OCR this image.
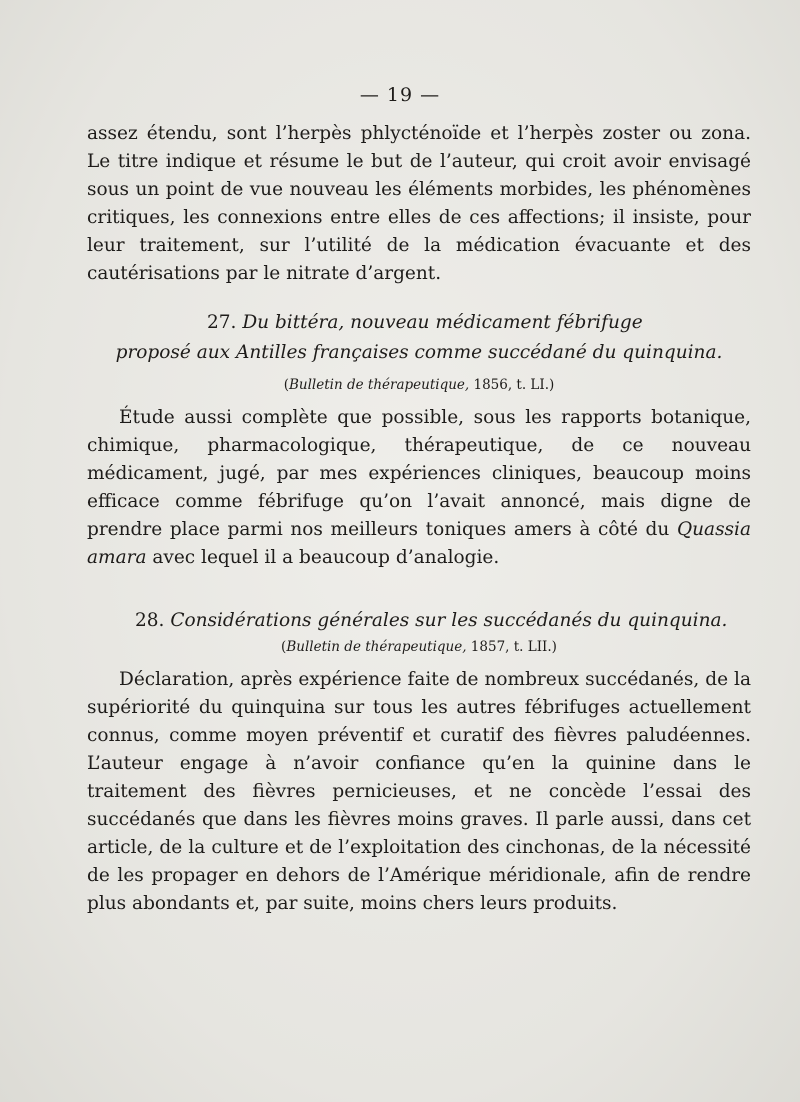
— 19 —

assez étendu, sont l’herpès phlycténoïde et l’herpès zoster ou zona. Le titre indique et résume le but de l’auteur, qui croit avoir envisagé sous un point de vue nouveau les éléments morbides, les phénomènes critiques, les connexions entre elles de ces affections; il insiste, pour leur traitement, sur l’utilité de la médication évacuante et des cautérisations par le nitrate d’argent.

27. Du bittéra, nouveau médicament fébrifuge
proposé aux Antilles françaises comme succédané du quinquina.
(Bulletin de thérapeutique, 1856, t. LI.)

Étude aussi complète que possible, sous les rapports botanique, chimique, pharmacologique, thérapeutique, de ce nouveau médicament, jugé, par mes expériences cliniques, beaucoup moins efficace comme fébrifuge qu’on l’avait annoncé, mais digne de prendre place parmi nos meilleurs toniques amers à côté du Quassia amara avec lequel il a beaucoup d’analogie.

28. Considérations générales sur les succédanés du quinquina.
(Bulletin de thérapeutique, 1857, t. LII.)

Déclaration, après expérience faite de nombreux succédanés, de la supériorité du quinquina sur tous les autres fébrifuges actuellement connus, comme moyen préventif et curatif des fièvres paludéennes. L’auteur engage à n’avoir confiance qu’en la quinine dans le traitement des fièvres pernicieuses, et ne concède l’essai des succédanés que dans les fièvres moins graves. Il parle aussi, dans cet article, de la culture et de l’exploitation des cinchonas, de la nécessité de les propager en dehors de l’Amérique méridionale, afin de rendre plus abondants et, par suite, moins chers leurs produits.
